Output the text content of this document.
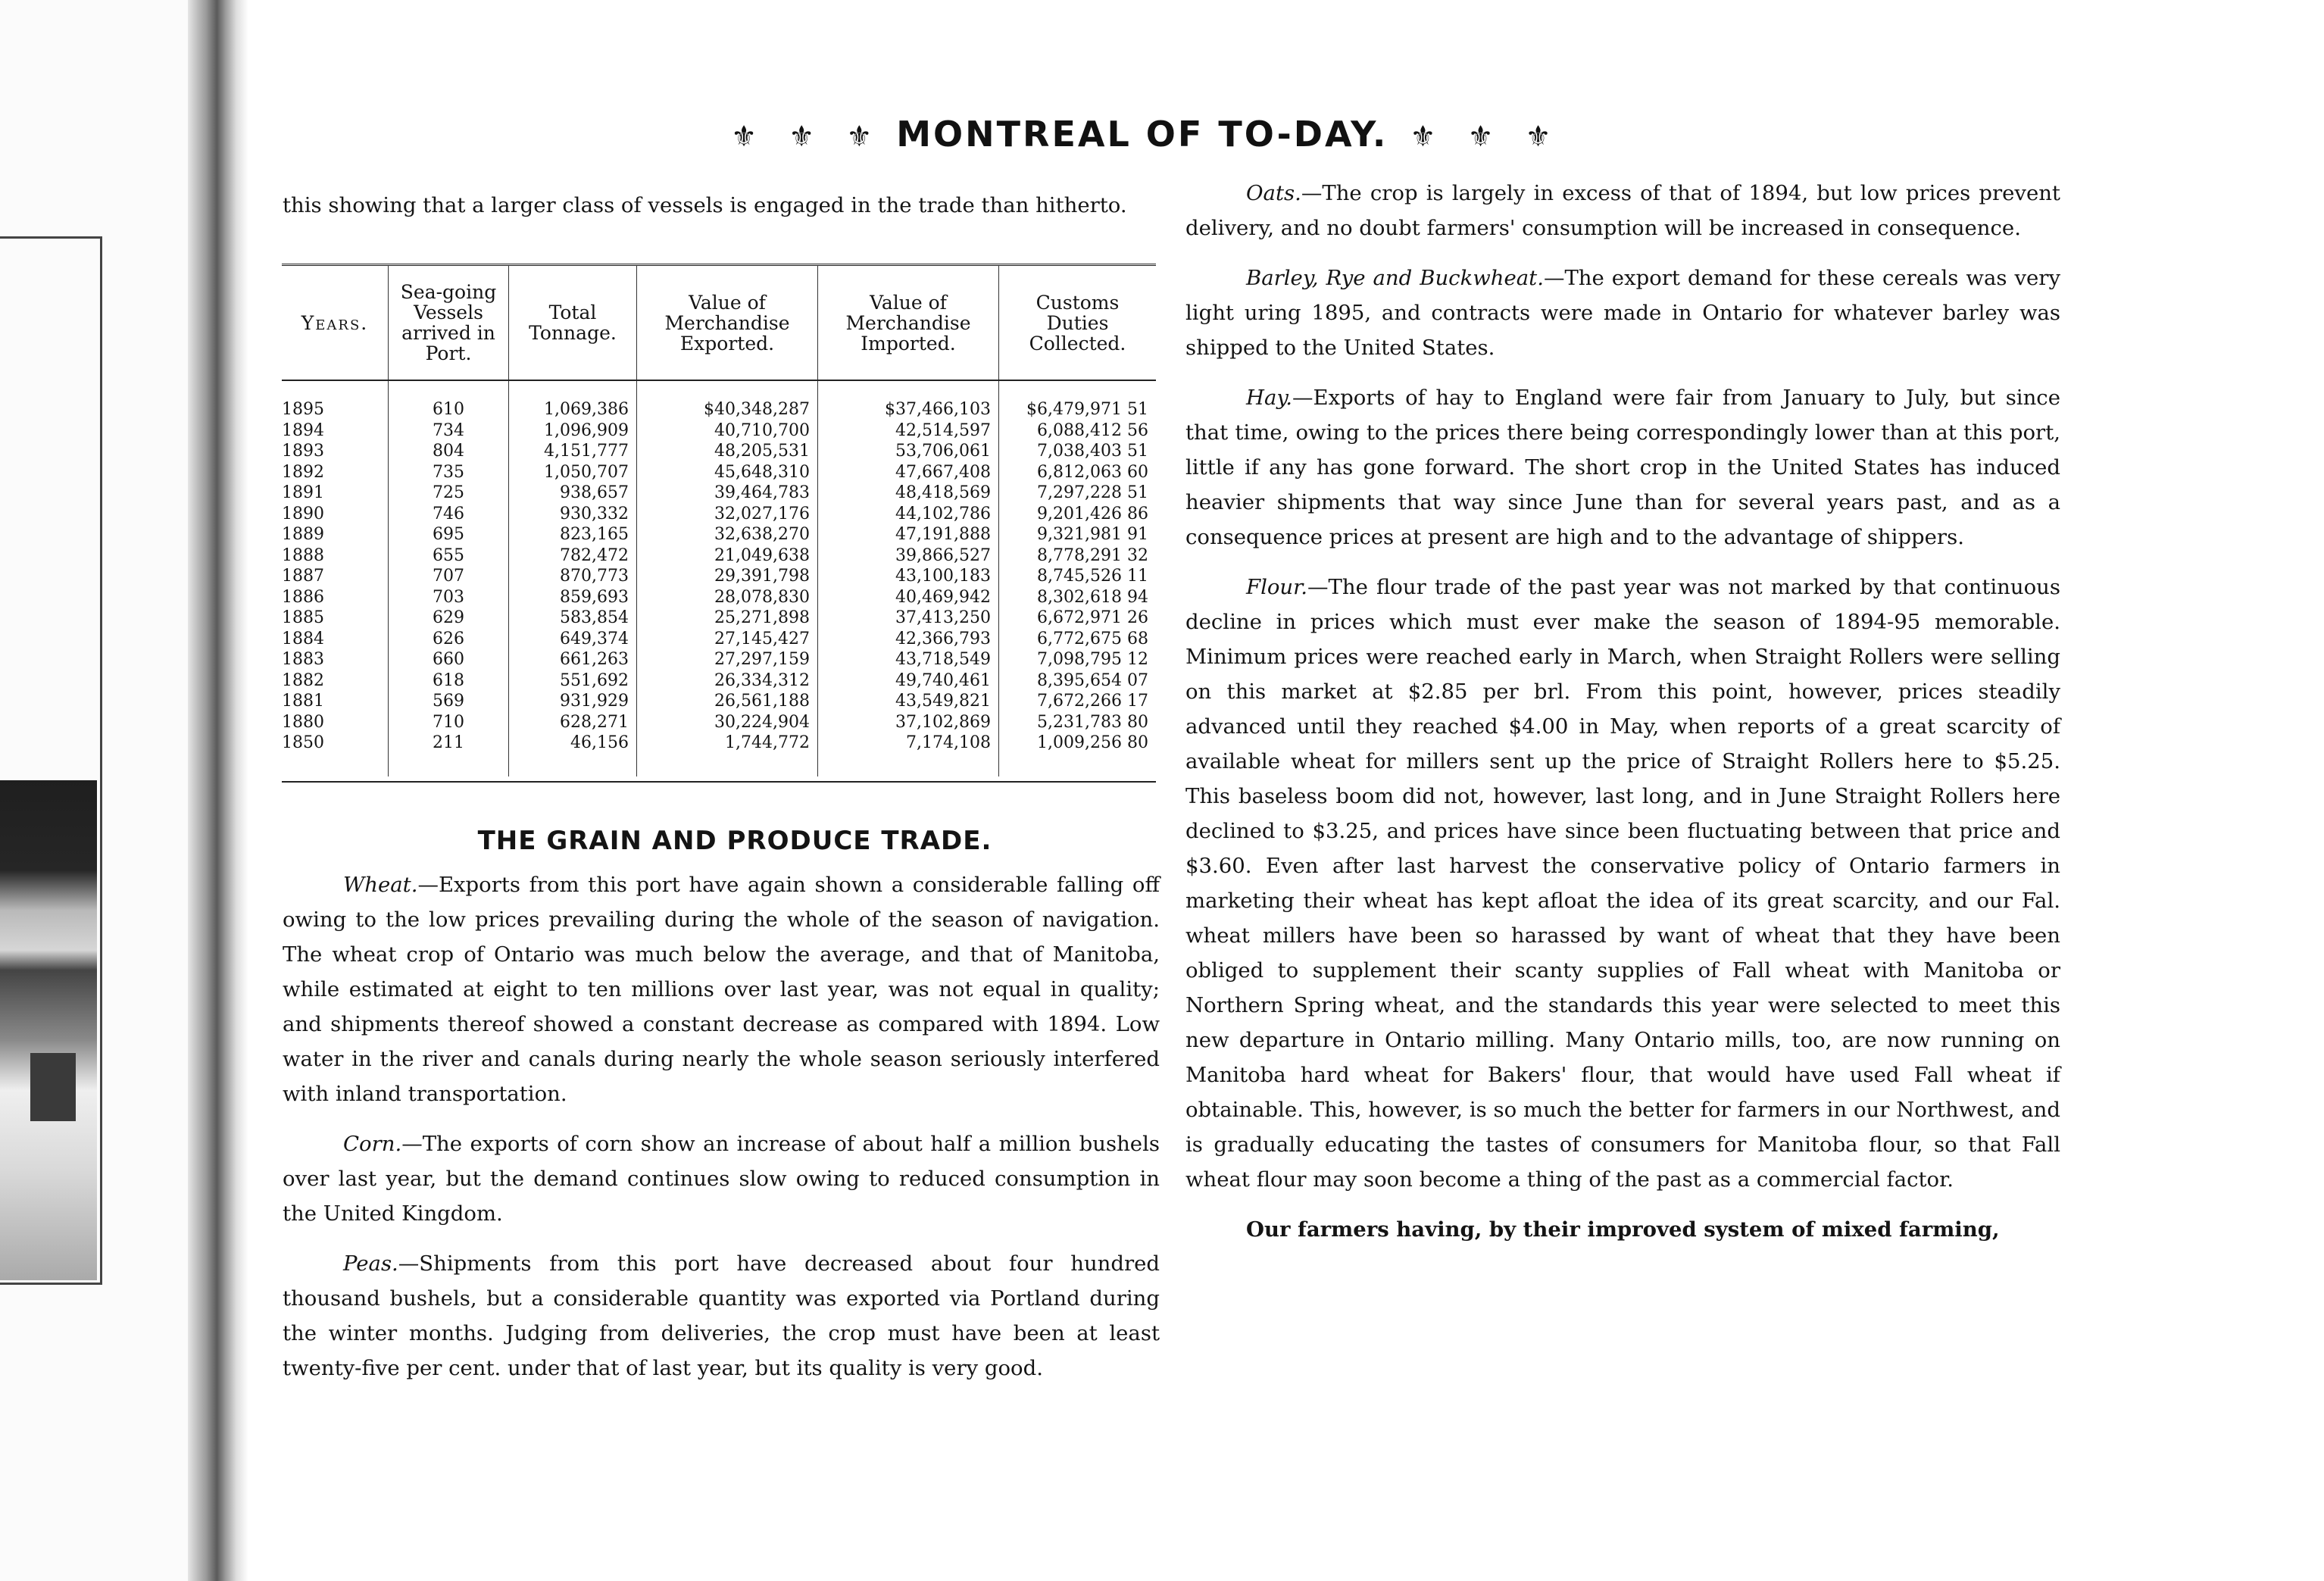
⚜ ⚜ ⚜ MONTREAL OF TO-DAY. ⚜ ⚜ ⚜

this showing that a larger class of vessels is engaged in the trade than hitherto.

Years.	Sea-going Vessels arrived in Port.	Total Tonnage.	Value of Merchandise Exported.	Value of Merchandise Imported.	Customs Duties Collected.
1895	610	1,069,386	$40,348,287	$37,466,103	$6,479,971 51
1894	734	1,096,909	40,710,700	42,514,597	6,088,412 56
1893	804	4,151,777	48,205,531	53,706,061	7,038,403 51
1892	735	1,050,707	45,648,310	47,667,408	6,812,063 60
1891	725	938,657	39,464,783	48,418,569	7,297,228 51
1890	746	930,332	32,027,176	44,102,786	9,201,426 86
1889	695	823,165	32,638,270	47,191,888	9,321,981 91
1888	655	782,472	21,049,638	39,866,527	8,778,291 32
1887	707	870,773	29,391,798	43,100,183	8,745,526 11
1886	703	859,693	28,078,830	40,469,942	8,302,618 94
1885	629	583,854	25,271,898	37,413,250	6,672,971 26
1884	626	649,374	27,145,427	42,366,793	6,772,675 68
1883	660	661,263	27,297,159	43,718,549	7,098,795 12
1882	618	551,692	26,334,312	49,740,461	8,395,654 07
1881	569	931,929	26,561,188	43,549,821	7,672,266 17
1880	710	628,271	30,224,904	37,102,869	5,231,783 80
1850	211	46,156	1,744,772	7,174,108	1,009,256 80

THE GRAIN AND PRODUCE TRADE.

Wheat.—Exports from this port have again shown a considerable falling off owing to the low prices prevailing during the whole of the season of navigation. The wheat crop of Ontario was much below the average, and that of Manitoba, while estimated at eight to ten millions over last year, was not equal in quality; and shipments thereof showed a constant decrease as compared with 1894. Low water in the river and canals during nearly the whole season seriously interfered with inland transportation.

Corn.—The exports of corn show an increase of about half a million bushels over last year, but the demand continues slow owing to reduced consumption in the United Kingdom.

Peas.—Shipments from this port have decreased about four hundred thousand bushels, but a considerable quantity was exported via Portland during the winter months. Judging from deliveries, the crop must have been at least twenty-five per cent. under that of last year, but its quality is very good.

Oats.—The crop is largely in excess of that of 1894, but low prices prevent delivery, and no doubt farmers' consumption will be increased in consequence.

Barley, Rye and Buckwheat.—The export demand for these cereals was very light uring 1895, and contracts were made in Ontario for whatever barley was shipped to the United States.

Hay.—Exports of hay to England were fair from January to July, but since that time, owing to the prices there being correspondingly lower than at this port, little if any has gone forward. The short crop in the United States has induced heavier shipments that way since June than for several years past, and as a consequence prices at present are high and to the advantage of shippers.

Flour.—The flour trade of the past year was not marked by that continuous decline in prices which must ever make the season of 1894-95 memorable. Minimum prices were reached early in March, when Straight Rollers were selling on this market at $2.85 per brl. From this point, however, prices steadily advanced until they reached $4.00 in May, when reports of a great scarcity of available wheat for millers sent up the price of Straight Rollers here to $5.25. This baseless boom did not, however, last long, and in June Straight Rollers here declined to $3.25, and prices have since been fluctuating between that price and $3.60. Even after last harvest the conservative policy of Ontario farmers in marketing their wheat has kept afloat the idea of its great scarcity, and our Fal. wheat millers have been so harassed by want of wheat that they have been obliged to supplement their scanty supplies of Fall wheat with Manitoba or Northern Spring wheat, and the standards this year were selected to meet this new departure in Ontario milling. Many Ontario mills, too, are now running on Manitoba hard wheat for Bakers' flour, that would have used Fall wheat if obtainable. This, however, is so much the better for farmers in our Northwest, and is gradually educating the tastes of consumers for Manitoba flour, so that Fall wheat flour may soon become a thing of the past as a commercial factor.

Our farmers having, by their improved system of mixed farming,
